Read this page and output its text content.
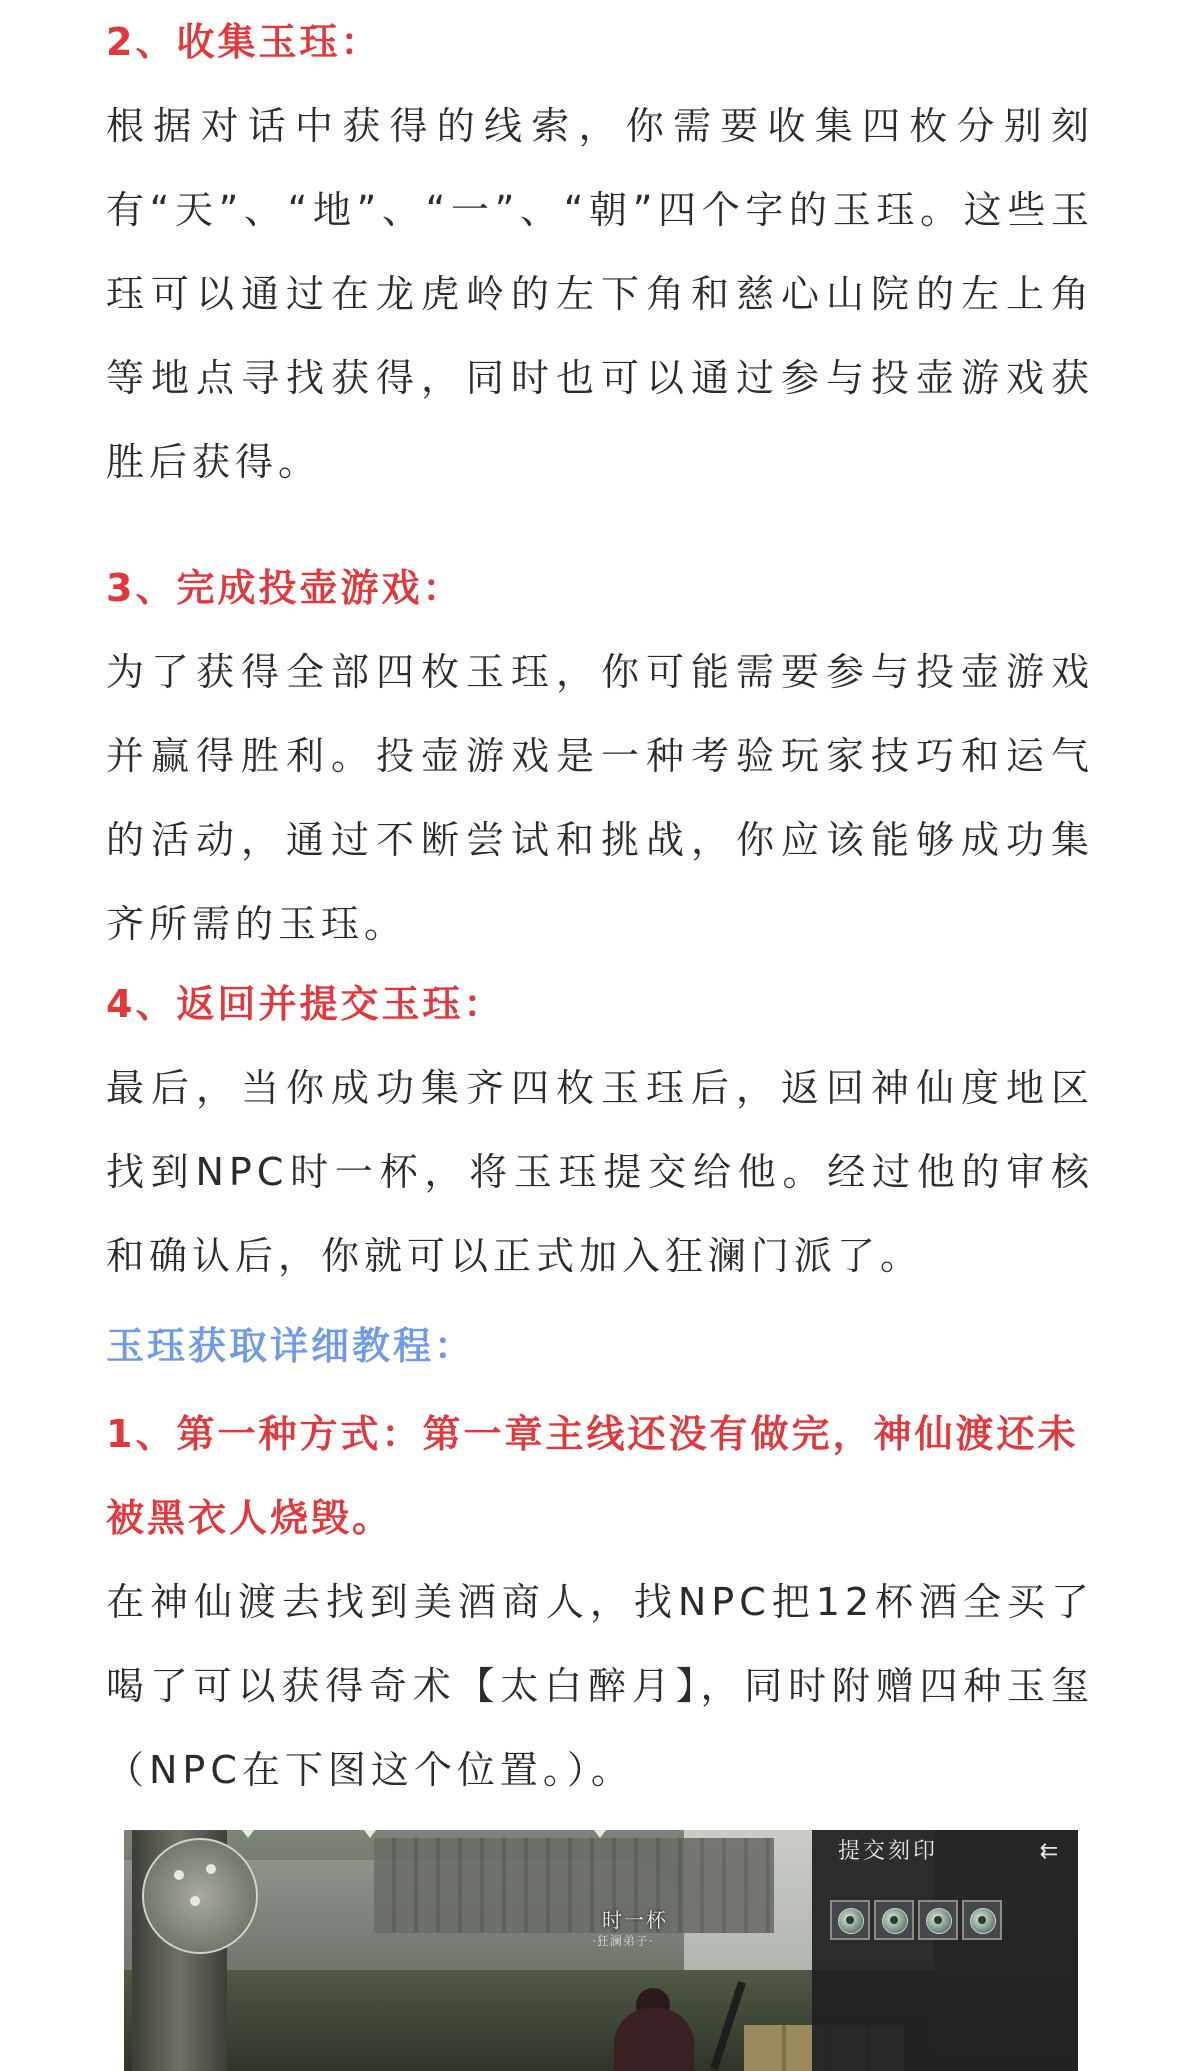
2、收集玉珏：

根据对话中获得的线索，你需要收集四枚分别刻有“天”、“地”、“一”、“朝”四个字的玉珏。这些玉珏可以通过在龙虎岭的左下角和慈心山院的左上角等地点寻找获得，同时也可以通过参与投壶游戏获胜后获得。

3、完成投壶游戏：

为了获得全部四枚玉珏，你可能需要参与投壶游戏并赢得胜利。投壶游戏是一种考验玩家技巧和运气的活动，通过不断尝试和挑战，你应该能够成功集齐所需的玉珏。

4、返回并提交玉珏：

最后，当你成功集齐四枚玉珏后，返回神仙度地区找到NPC时一杯，将玉珏提交给他。经过他的审核和确认后，你就可以正式加入狂澜门派了。

玉珏获取详细教程：

1、第一种方式：第一章主线还没有做完，神仙渡还未被黑衣人烧毁。

在神仙渡去找到美酒商人，找NPC把12杯酒全买了喝了可以获得奇术【太白醉月】，同时附赠四种玉玺（NPC在下图这个位置。）。

时一杯
·狂澜弟子·
提交刻印	⇇
